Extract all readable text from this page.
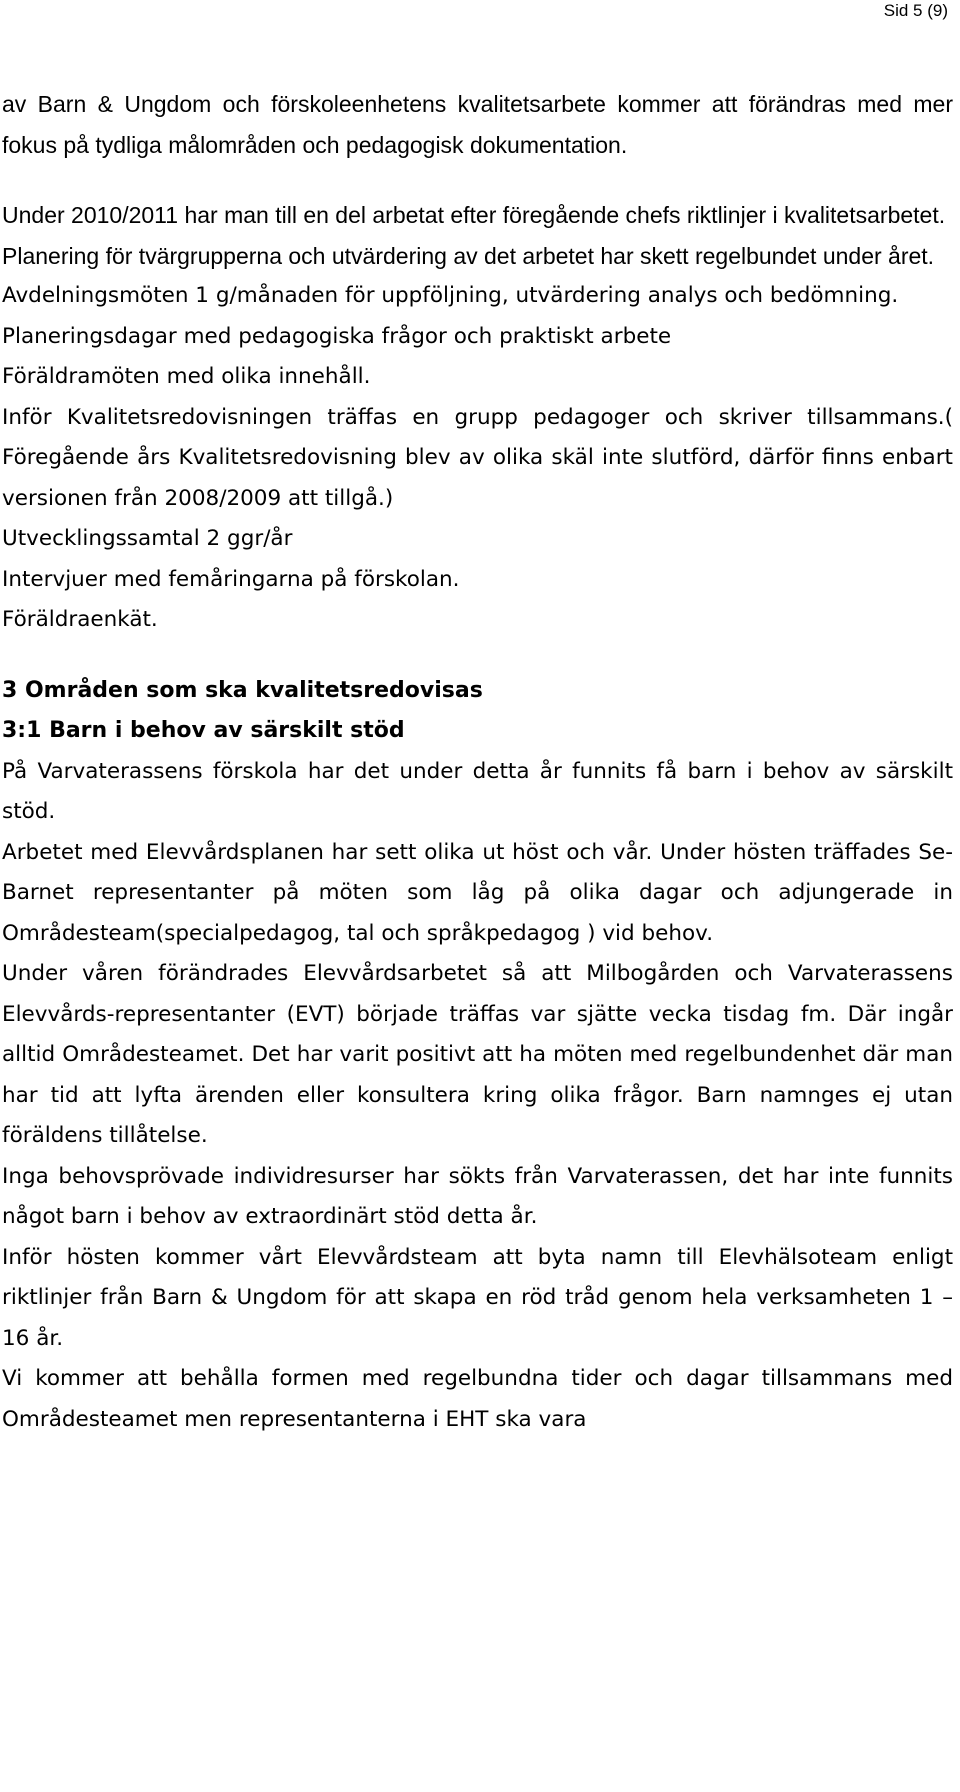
Sid 5 (9)

av Barn & Ungdom och förskoleenhetens kvalitetsarbete kommer att förändras med mer fokus på tydliga målområden och pedagogisk dokumentation.

Under 2010/2011 har man till en del arbetat efter föregående chefs riktlinjer i kvalitetsarbetet.

Planering för tvärgrupperna och utvärdering av det arbetet har skett regelbundet under året.

Avdelningsmöten 1 g/månaden för uppföljning, utvärdering analys och bedömning.

Planeringsdagar med pedagogiska frågor och praktiskt arbete

Föräldramöten med olika innehåll.

Inför Kvalitetsredovisningen träffas en grupp pedagoger och skriver tillsammans.( Föregående års Kvalitetsredovisning blev av olika skäl inte slutförd, därför finns enbart versionen från 2008/2009 att tillgå.)

Utvecklingssamtal 2 ggr/år

Intervjuer med femåringarna på förskolan.

Föräldraenkät.

3 Områden som ska kvalitetsredovisas

3:1 Barn i behov av särskilt stöd

På Varvaterassens förskola har det under detta år funnits få barn i behov av särskilt stöd.

Arbetet med Elevvårdsplanen har sett olika ut höst och vår. Under hösten träffades Se- Barnet representanter på möten som låg på olika dagar och adjungerade in Områdesteam(specialpedagog, tal och språkpedagog ) vid behov.

Under våren förändrades Elevvårdsarbetet så att Milbogården och Varvaterassens Elevvårds-representanter (EVT) började träffas var sjätte vecka tisdag fm. Där ingår alltid Områdesteamet. Det har varit positivt att ha möten med regelbundenhet där man har tid att lyfta ärenden eller konsultera kring olika frågor. Barn namnges ej utan föräldens tillåtelse.

Inga behovsprövade individresurser har sökts från Varvaterassen, det har inte funnits något barn i behov av extraordinärt stöd detta år.

Inför hösten kommer vårt Elevvårdsteam att byta namn till Elevhälsoteam enligt riktlinjer från Barn & Ungdom för att skapa en röd tråd genom hela verksamheten 1 – 16 år.

Vi kommer att behålla formen med regelbundna tider och dagar tillsammans med Områdesteamet men representanterna i EHT ska vara
